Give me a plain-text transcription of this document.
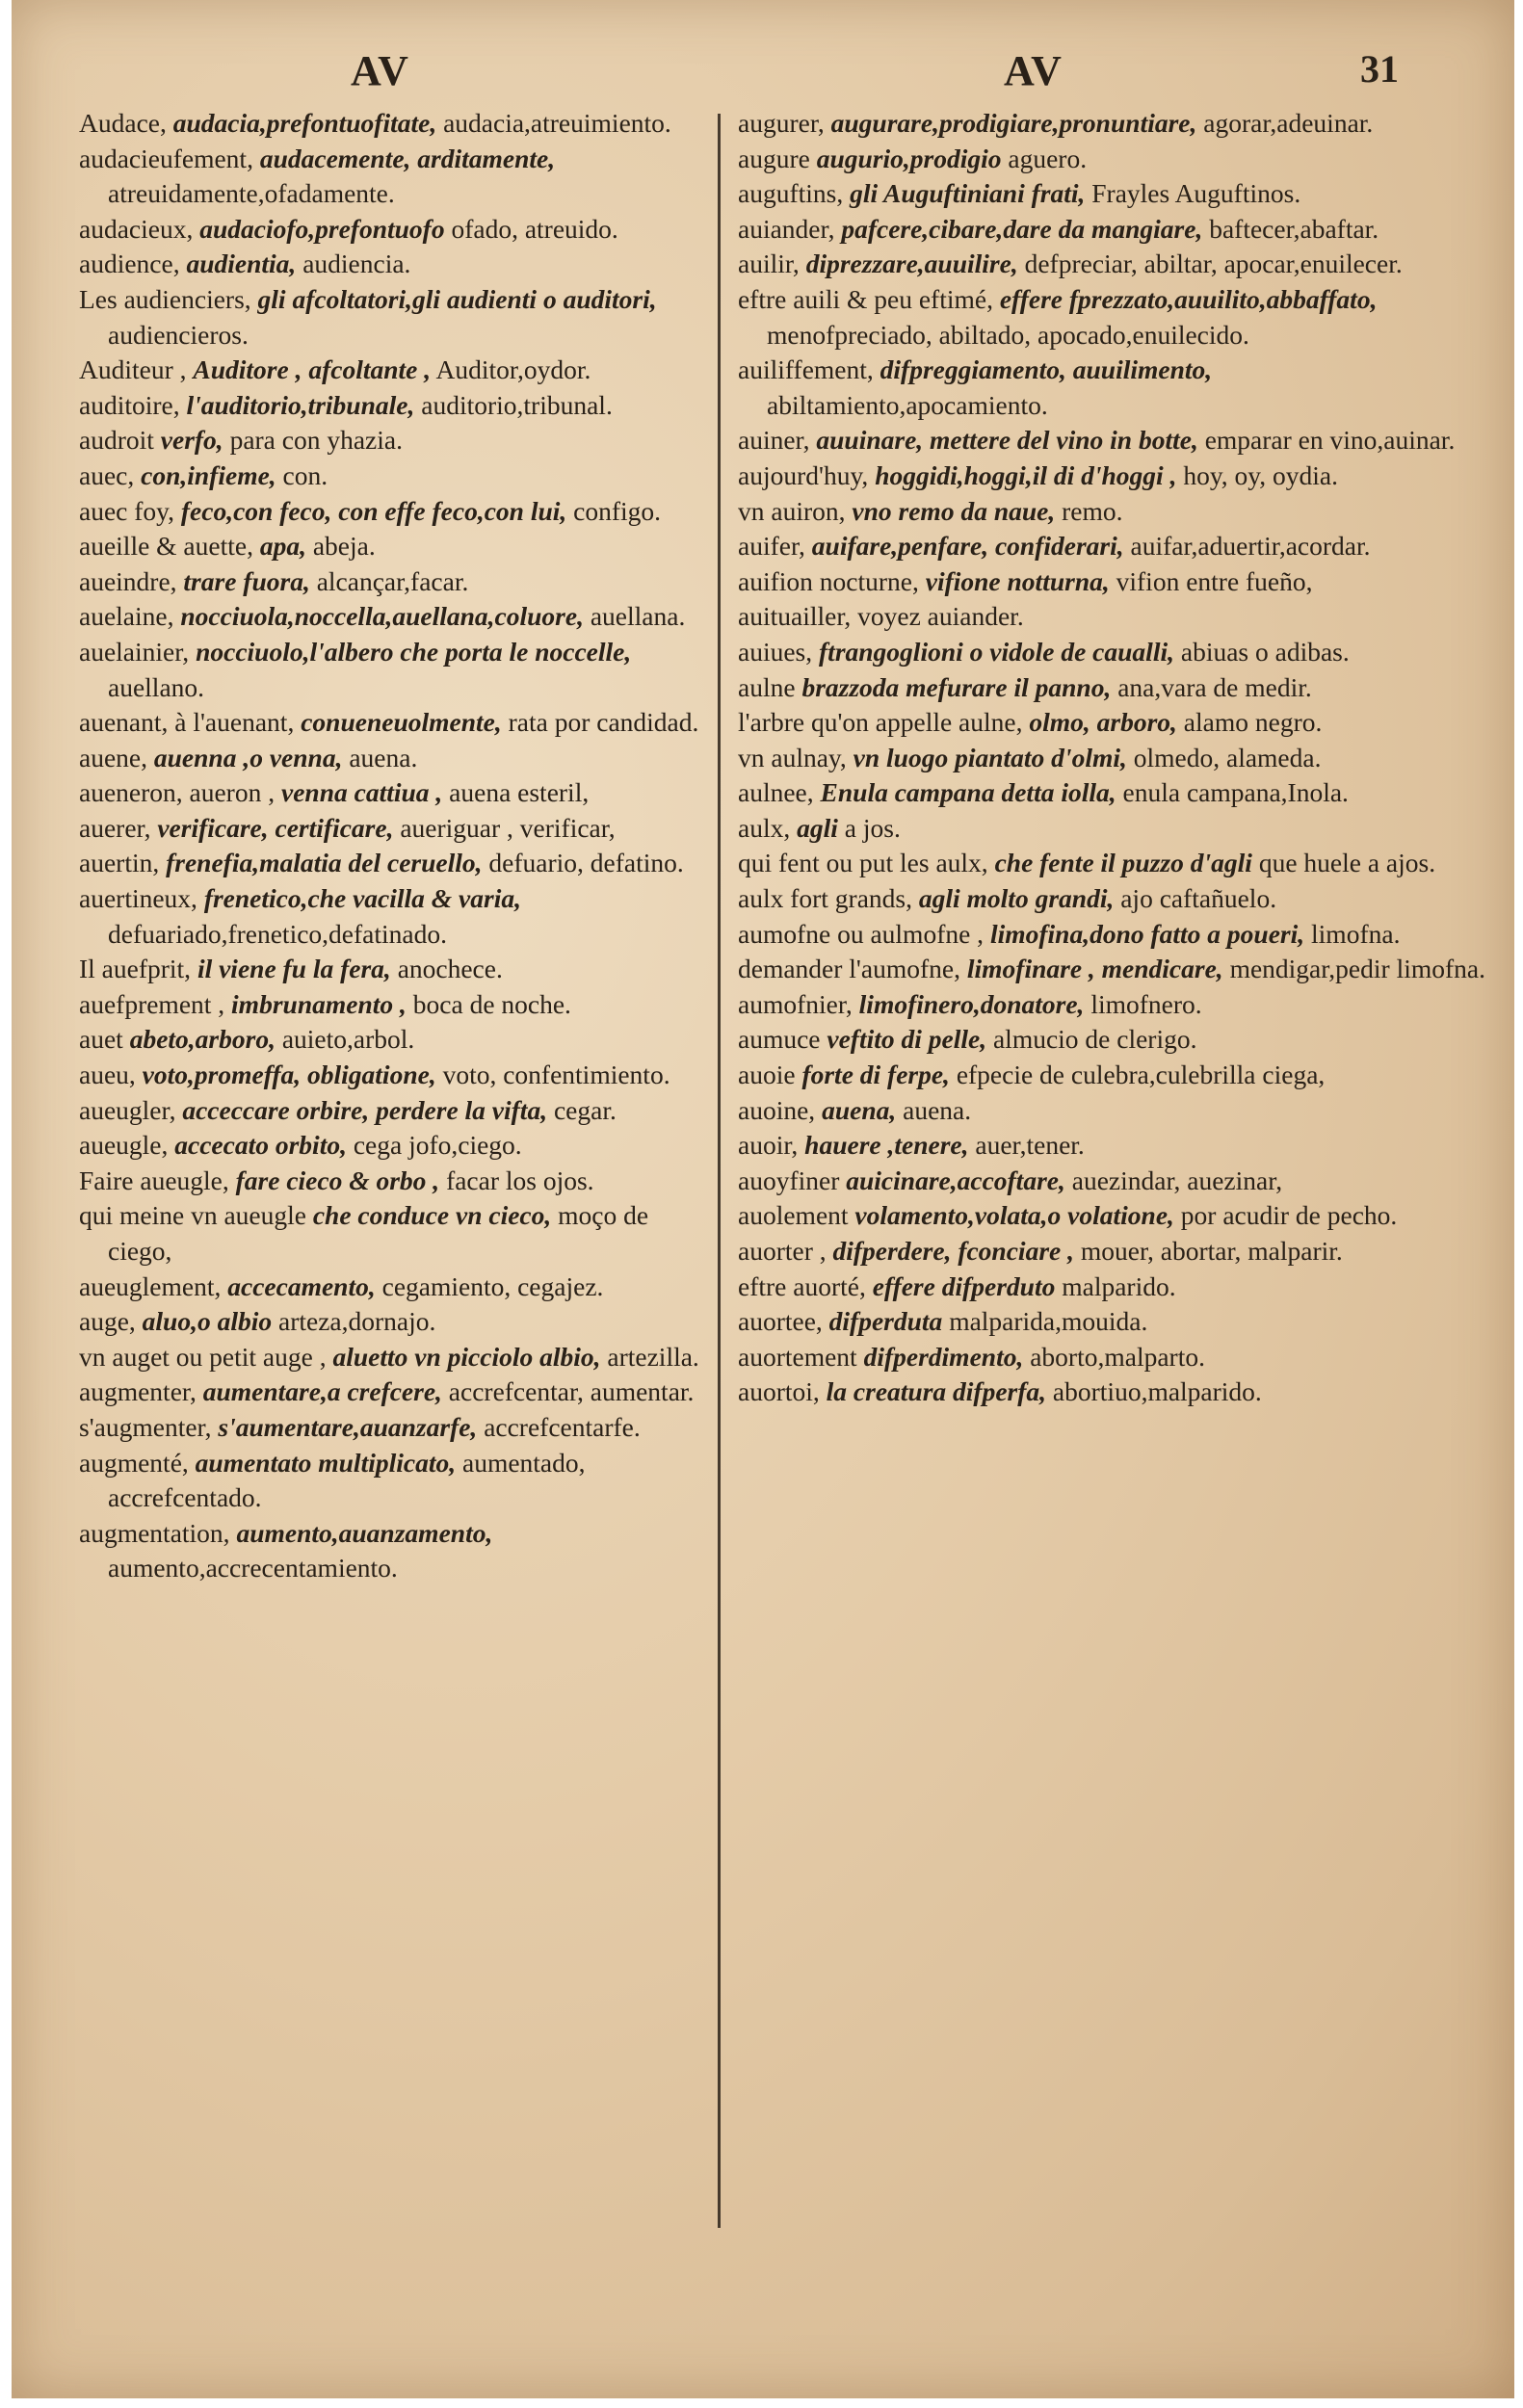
AV	AV	31
Audace, audacia,prefontuofitate, audacia,atreuimiento.
audacieufement, audacemente, arditamente, atreuidamente,ofadamente.
audacieux, audaciofo,prefontuofo ofado, atreuido.
audience, audientia, audiencia.
Les audienciers, gli afcoltatori,gli audienti o auditori, audiencieros.
Auditeur , Auditore , afcoltante , Auditor,oydor.
auditoire, l'auditorio,tribunale, auditorio,tribunal.
audroit verfo, para con yhazia.
auec, con,infieme, con.
auec foy, feco,con feco, con effe feco,con lui, configo.
aueille & auette, apa, abeja.
aueindre, trare fuora, alcançar,facar.
auelaine, nocciuola,noccella,auellana,coluore, auellana.
auelainier, nocciuolo,l'albero che porta le noccelle, auellano.
auenant, à l'auenant, conueneuolmente, rata por candidad.
auene, auenna ,o venna, auena.
aueneron, aueron , venna cattiua , auena esteril,
auerer, verificare, certificare, aueriguar , verificar,
auertin, frenefia,malatia del ceruello, defuario, defatino.
auertineux, frenetico,che vacilla & varia, defuariado,frenetico,defatinado.
Il auefprit, il viene fu la fera, anochece.
auefprement , imbrunamento , boca de noche.
auet abeto,arboro, auieto,arbol.
aueu, voto,promeffa, obligatione, voto, confentimiento.
aueugler, acceccare orbire, perdere la vifta, cegar.
aueugle, accecato orbito, cega jofo,ciego.
Faire aueugle, fare cieco & orbo , facar los ojos.
qui meine vn aueugle che conduce vn cieco, moço de ciego,
aueuglement, accecamento, cegamiento, cegajez.
auge, aluo,o albio arteza,dornajo.
vn auget ou petit auge , aluetto vn picciolo albio, artezilla.
augmenter, aumentare,a crefcere, accrefcentar, aumentar.
s'augmenter, s'aumentare,auanzarfe, accrefcentarfe.
augmenté, aumentato multiplicato, aumentado, accrefcentado.
augmentation, aumento,auanzamento, aumento,accrecentamiento.
augurer, augurare,prodigiare,pronuntiare, agorar,adeuinar.
augure augurio,prodigio aguero.
auguftins, gli Auguftiniani frati, Frayles Auguftinos.
auiander, pafcere,cibare,dare da mangiare, baftecer,abaftar.
auilir, diprezzare,auuilire, defpreciar, abiltar, apocar,enuilecer.
eftre auili & peu eftimé, effere fprezzato,auuilito,abbaffato, menofpreciado, abiltado, apocado,enuilecido.
auiliffement, difpreggiamento, auuilimento, abiltamiento,apocamiento.
auiner, auuinare, mettere del vino in botte, emparar en vino,auinar.
aujourd'huy, hoggidi,hoggi,il di d'hoggi , hoy, oy, oydia.
vn auiron, vno remo da naue, remo.
auifer, auifare,penfare, confiderari, auifar,aduertir,acordar.
auifion nocturne, vifione notturna, vifion entre fueño,
auituailler, voyez auiander.
auiues, ftrangoglioni o vidole de caualli, abiuas o adibas.
aulne brazzoda mefurare il panno, ana,vara de medir.
l'arbre qu'on appelle aulne, olmo, arboro, alamo negro.
vn aulnay, vn luogo piantato d'olmi, olmedo, alameda.
aulnee, Enula campana detta iolla, enula campana,Inola.
aulx, agli a jos.
qui fent ou put les aulx, che fente il puzzo d'agli que huele a ajos.
aulx fort grands, agli molto grandi, ajo caftañuelo.
aumofne ou aulmofne , limofina,dono fatto a poueri, limofna.
demander l'aumofne, limofinare , mendicare, mendigar,pedir limofna.
aumofnier, limofinero,donatore, limofnero.
aumuce veftito di pelle, almucio de clerigo.
auoie forte di ferpe, efpecie de culebra,culebrilla ciega,
auoine, auena, auena.
auoir, hauere ,tenere, auer,tener.
auoyfiner auicinare,accoftare, auezindar, auezinar,
auolement volamento,volata,o volatione, por acudir de pecho.
auorter , difperdere, fconciare , mouer, abortar, malparir.
eftre auorté, effere difperduto malparido.
auortee, difperduta malparida,mouida.
auortement difperdimento, aborto,malparto.
auortoi, la creatura difperfa, abortiuo,malparido.
